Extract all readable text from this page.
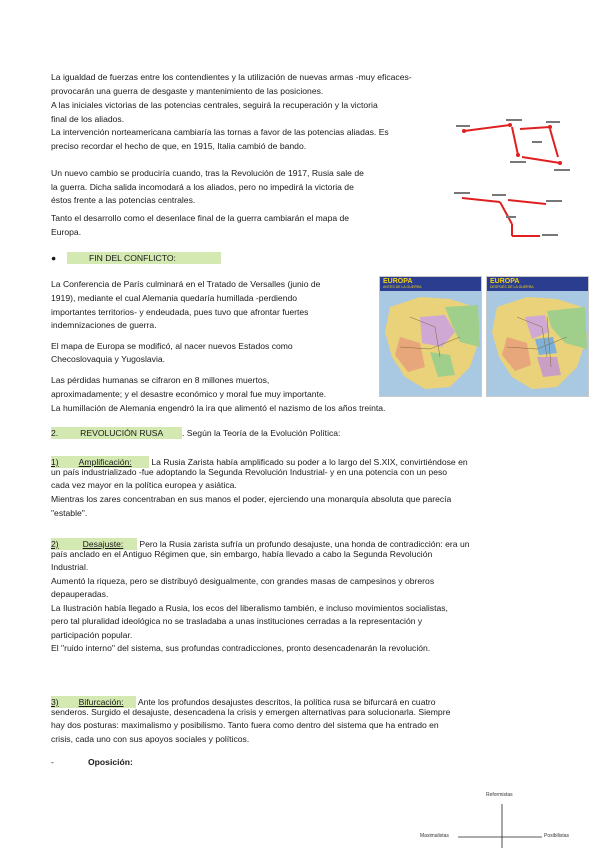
La igualdad de fuerzas entre los contendientes y la utilización de nuevas armas -muy eficaces-

provocarán una guerra de desgaste y mantenimiento de las posiciones.

A las iniciales victorias de las potencias centrales, seguirá la recuperación y la victoria

final de los aliados.

La intervención norteamericana cambiaría las tornas a favor de las potencias aliadas. Es

preciso recordar el hecho de que, en 1915, Italia cambió de bando.

Un nuevo cambio se produciría cuando, tras la Revolución de 1917, Rusia sale de

la guerra. Dicha salida incomodará a los aliados, pero no impedirá la victoria de

éstos frente a las potencias centrales.

Tanto el desarrollo como el desenlace final de la guerra cambiarán el mapa de

Europa.

●	FIN DEL CONFLICTO:

La Conferencia de París culminará en el Tratado de Versalles (junio de

1919), mediante el cual Alemania quedaría humillada -perdiendo

importantes territorios- y endeudada, pues tuvo que afrontar fuertes

indemnizaciones de guerra.

El mapa de Europa se modificó, al nacer nuevos Estados como

Checoslovaquia y Yugoslavia.

Las pérdidas humanas se cifraron en 8 millones muertos,

aproximadamente; y el desastre económico y moral fue muy importante.

La humillación de Alemania engendró la ira que alimentó el nazismo de los años treinta.

EUROPA
ANTES DE LA GUERRA
EUROPA
DESPUÉS DE LA GUERRA
2.	REVOLUCIÓN RUSA	. Según la Teoría de la Evolución Política:
1) Amplificación: La Rusia Zarista había amplificado su poder a lo largo del S.XIX, convirtiéndose en

un país industrializado -fue adoptando la Segunda Revolución Industrial- y en una potencia con un peso

cada vez mayor en la política europea y asiática.

Mientras los zares concentraban en sus manos el poder, ejerciendo una monarquía absoluta que parecía

"estable".

2)	Desajuste: Pero la Rusia zarista sufría un profundo desajuste, una honda de contradicción: era un

país anclado en el Antiguo Régimen que, sin embargo, había llevado a cabo la Segunda Revolución

Industrial.

Aumentó la riqueza, pero se distribuyó desigualmente, con grandes masas de campesinos y obreros

depauperadas.

La Ilustración había llegado a Rusia, los ecos del liberalismo también, e incluso movimientos socialistas,

pero tal pluralidad ideológica no se trasladaba a unas instituciones cerradas a la representación y

participación popular.

El "ruido interno" del sistema, sus profundas contradicciones, pronto desencadenarán la revolución.

3) Bifurcación: Ante los profundos desajustes descritos, la política rusa se bifurcará en cuatro

senderos. Surgido el desajuste, desencadena la crisis y emergen alternativas para solucionarla. Siempre

hay dos posturas: maximalismo y posibilismo. Tanto fuera como dentro del sistema que ha entrado en

crisis, cada uno con sus apoyos sociales y políticos.

-	Oposición:
Reformistas
Maximalistas	Posibilistas
